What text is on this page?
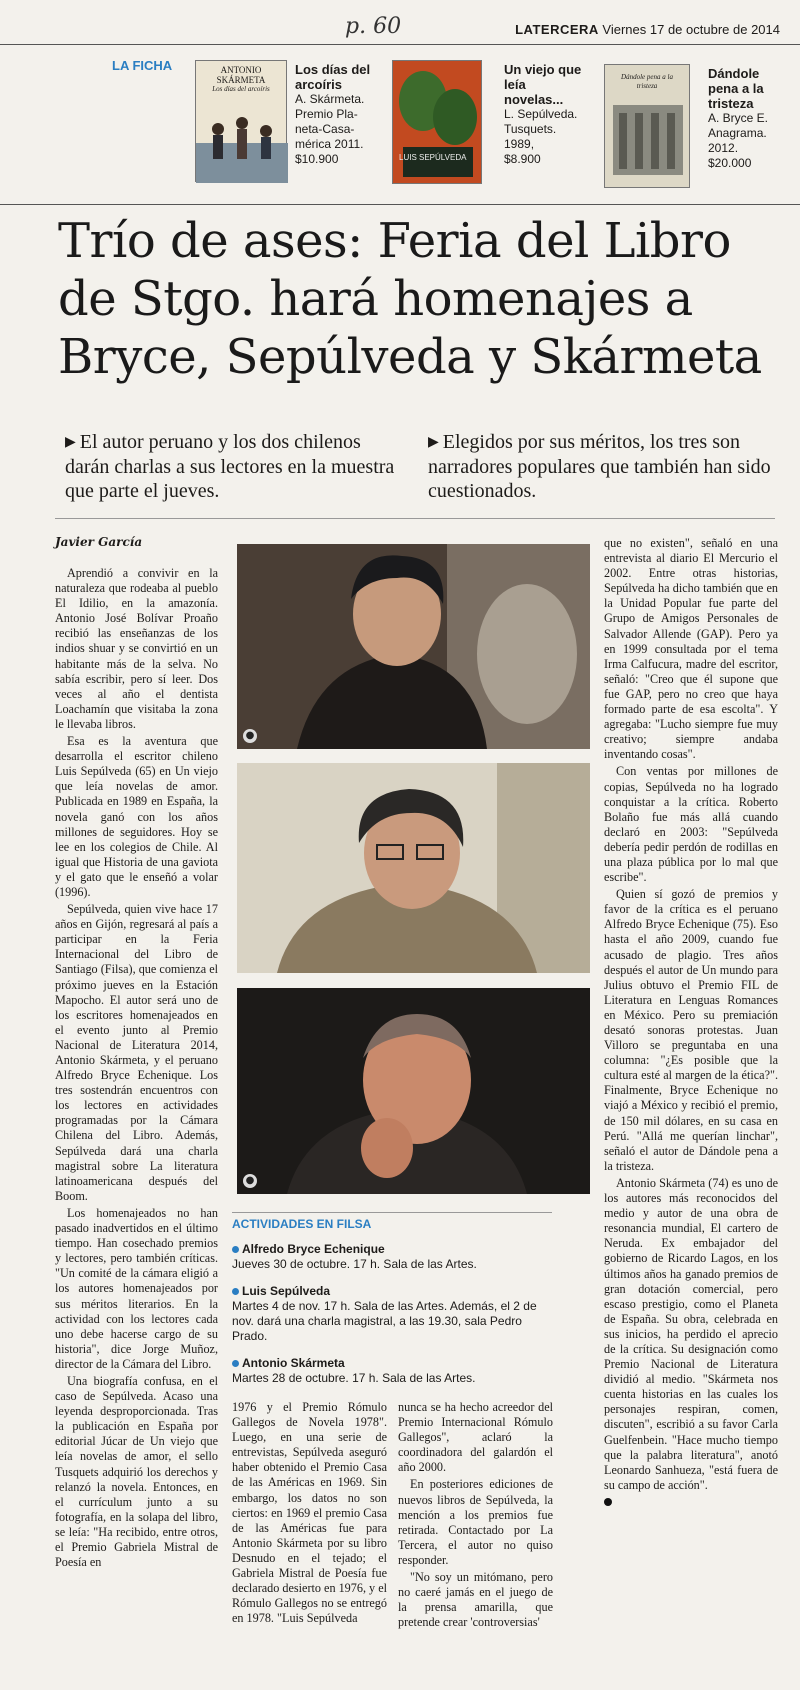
p. 60	LATERCERA Viernes 17 de octubre de 2014
LA FICHA	ANTONIO SKÁRMETA
Los días del arcoíris
Los días del arcoíris
A. Skármeta.
Premio Pla-
neta-Casa-
mérica 2011.
$10.900	LUIS SEPÚLVEDA
Un viejo que leía novelas...
L. Sepúlveda.
Tusquets.
1989,
$8.900
Dándole pena a la tristeza
Dándole pena a la tristeza
A. Bryce E.
Anagrama.
2012.
$20.000
Trío de ases: Feria del Libro de Stgo. hará homenajes a Bryce, Sepúlveda y Skármeta
▶ El autor peruano y los dos chilenos darán charlas a sus lectores en la muestra que parte el jueves.
▶ Elegidos por sus méritos, los tres son narradores populares que también han sido cuestionados.
Javier García

Aprendió a convivir en la naturaleza que rodeaba al pueblo El Idilio, en la amazonía. Antonio José Bolívar Proaño recibió las enseñanzas de los indios shuar y se convirtió en un habitante más de la selva. No sabía escribir, pero sí leer. Dos veces al año el dentista Loachamín que visitaba la zona le llevaba libros.

Esa es la aventura que desarrolla el escritor chileno Luis Sepúlveda (65) en Un viejo que leía novelas de amor. Publicada en 1989 en España, la novela ganó con los años millones de seguidores. Hoy se lee en los colegios de Chile. Al igual que Historia de una gaviota y el gato que le enseñó a volar (1996).

Sepúlveda, quien vive hace 17 años en Gijón, regresará al país a participar en la Feria Internacional del Libro de Santiago (Filsa), que comienza el próximo jueves en la Estación Mapocho. El autor será uno de los escritores homenajeados en el evento junto al Premio Nacional de Literatura 2014, Antonio Skármeta, y el peruano Alfredo Bryce Echenique. Los tres sostendrán encuentros con los lectores en actividades programadas por la Cámara Chilena del Libro. Además, Sepúlveda dará una charla magistral sobre La literatura latinoamericana después del Boom.

Los homenajeados no han pasado inadvertidos en el último tiempo. Han cosechado premios y lectores, pero también críticas. "Un comité de la cámara eligió a los autores homenajeados por sus méritos literarios. En la actividad con los lectores cada uno debe hacerse cargo de su historia", dice Jorge Muñoz, director de la Cámara del Libro.

Una biografía confusa, en el caso de Sepúlveda. Acaso una leyenda desproporcionada. Tras la publicación en España por editorial Júcar de Un viejo que leía novelas de amor, el sello Tusquets adquirió los derechos y relanzó la novela. Entonces, en el currículum junto a su fotografía, en la solapa del libro, se leía: "Ha recibido, entre otros, el Premio Gabriela Mistral de Poesía en

●
●
ACTIVIDADES EN FILSA
Alfredo Bryce Echenique
Jueves 30 de octubre. 17 h. Sala de las Artes.
Luis Sepúlveda
Martes 4 de nov. 17 h. Sala de las Artes. Además, el 2 de nov. dará una charla magistral, a las 19.30, sala Pedro Prado.
Antonio Skármeta
Martes 28 de octubre. 17 h. Sala de las Artes.

1976 y el Premio Rómulo Gallegos de Novela 1978". Luego, en una serie de entrevistas, Sepúlveda aseguró haber obtenido el Premio Casa de las Américas en 1969. Sin embargo, los datos no son ciertos: en 1969 el premio Casa de las Américas fue para Antonio Skármeta por su libro Desnudo en el tejado; el Gabriela Mistral de Poesía fue declarado desierto en 1976, y el Rómulo Gallegos no se entregó en 1978. "Luis Sepúlveda

nunca se ha hecho acreedor del Premio Internacional Rómulo Gallegos", aclaró la coordinadora del galardón el año 2000.

En posteriores ediciones de nuevos libros de Sepúlveda, la mención a los premios fue retirada. Contactado por La Tercera, el autor no quiso responder.

"No soy un mitómano, pero no caeré jamás en el juego de la prensa amarilla, que pretende crear 'controversias'

que no existen", señaló en una entrevista al diario El Mercurio el 2002. Entre otras historias, Sepúlveda ha dicho también que en la Unidad Popular fue parte del Grupo de Amigos Personales de Salvador Allende (GAP). Pero ya en 1999 consultada por el tema Irma Calfucura, madre del escritor, señaló: "Creo que él supone que fue GAP, pero no creo que haya formado parte de esa escolta". Y agregaba: "Lucho siempre fue muy creativo; siempre andaba inventando cosas".

Con ventas por millones de copias, Sepúlveda no ha logrado conquistar a la crítica. Roberto Bolaño fue más allá cuando declaró en 2003: "Sepúlveda debería pedir perdón de rodillas en una plaza pública por lo mal que escribe".

Quien sí gozó de premios y favor de la crítica es el peruano Alfredo Bryce Echenique (75). Eso hasta el año 2009, cuando fue acusado de plagio. Tres años después el autor de Un mundo para Julius obtuvo el Premio FIL de Literatura en Lenguas Romances en México. Pero su premiación desató sonoras protestas. Juan Villoro se preguntaba en una columna: "¿Es posible que la cultura esté al margen de la ética?". Finalmente, Bryce Echenique no viajó a México y recibió el premio, de 150 mil dólares, en su casa en Perú. "Allá me querían linchar", señaló el autor de Dándole pena a la tristeza.

Antonio Skármeta (74) es uno de los autores más reconocidos del medio y autor de una obra de resonancia mundial, El cartero de Neruda. Ex embajador del gobierno de Ricardo Lagos, en los últimos años ha ganado premios de gran dotación comercial, pero escaso prestigio, como el Planeta de España. Su obra, celebrada en sus inicios, ha perdido el aprecio de la crítica. Su designación como Premio Nacional de Literatura dividió al medio. "Skármeta nos cuenta historias en las cuales los personajes respiran, comen, discuten", escribió a su favor Carla Guelfenbein. "Hace mucho tiempo que la palabra literatura", anotó Leonardo Sanhueza, "está fuera de su campo de acción".
